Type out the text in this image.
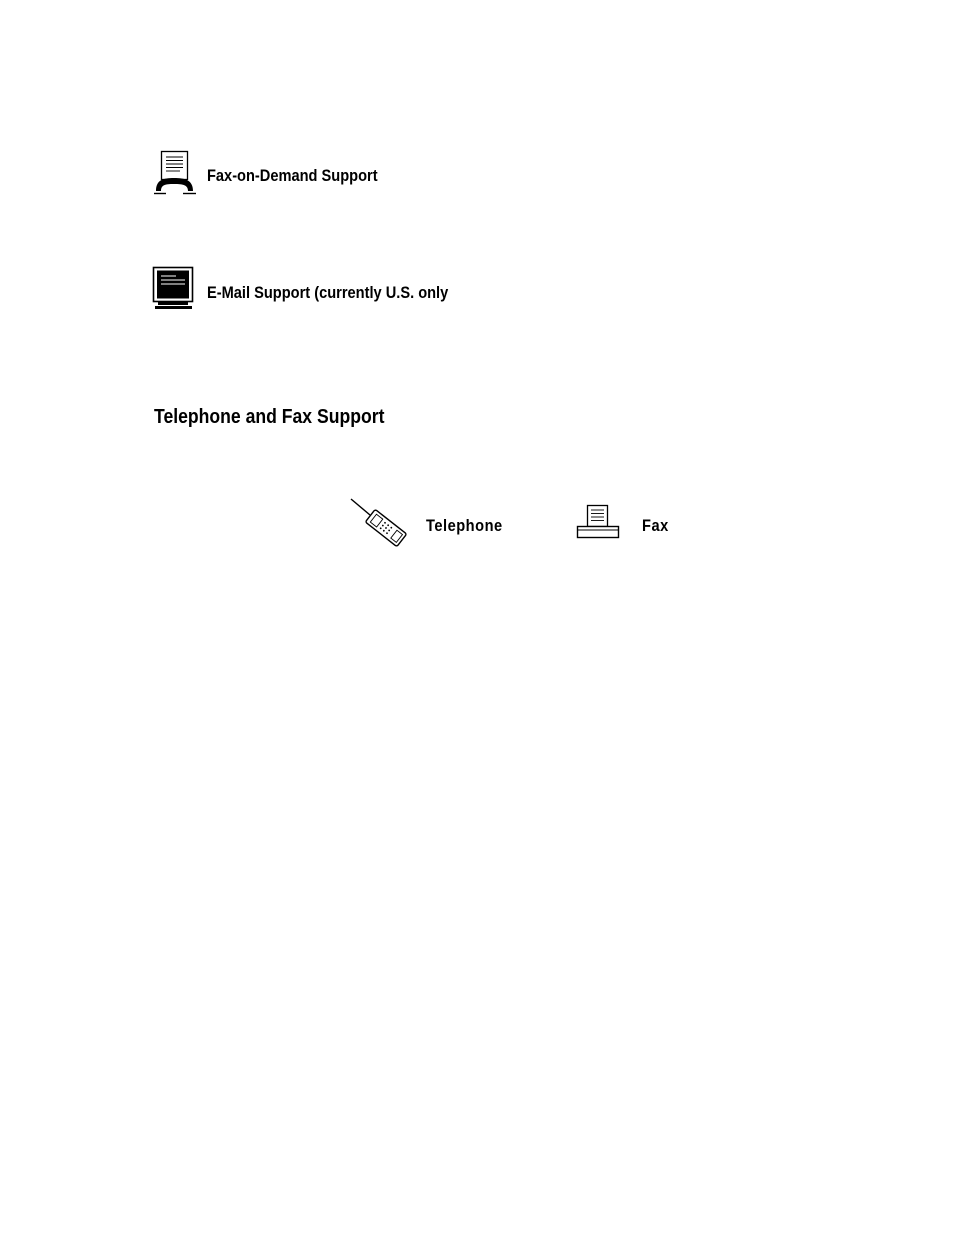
Fax-on-Demand Support
E-Mail Support (currently U.S. only
Telephone and Fax Support
Telephone	Fax
